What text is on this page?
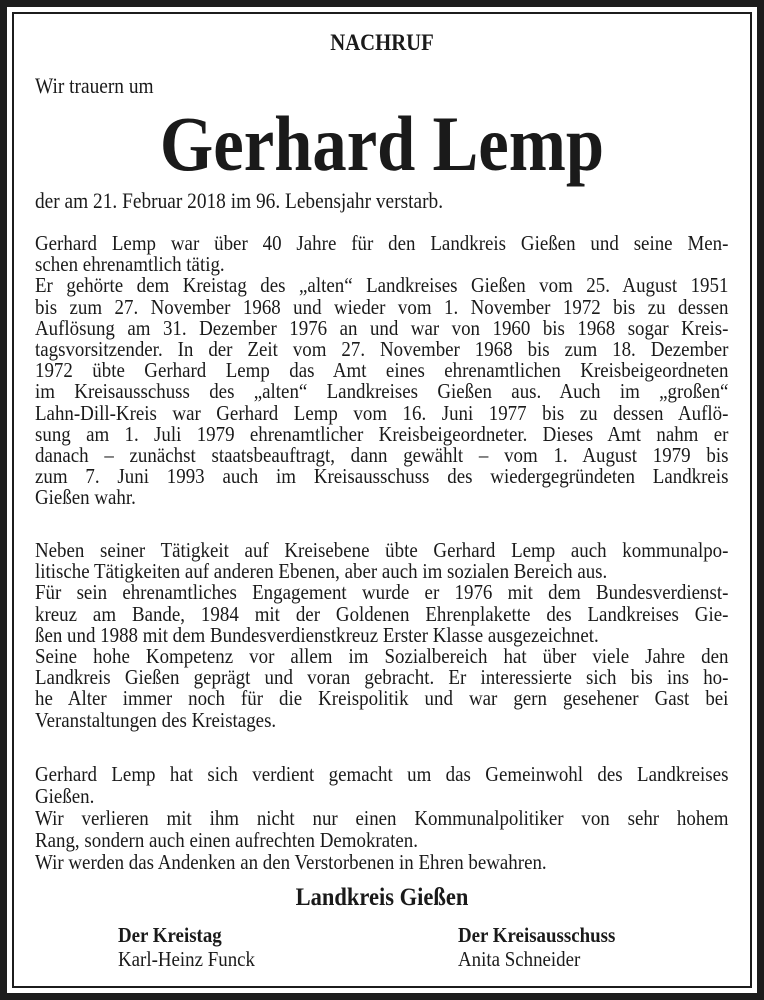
NACHRUF
Wir trauern um
Gerhard Lemp
der am 21. Februar 2018 im 96. Lebensjahr verstarb.
Gerhard Lemp war über 40 Jahre für den Landkreis Gießen und seine Men-
schen ehrenamtlich tätig.
Er gehörte dem Kreistag des „alten“ Landkreises Gießen vom 25. August 1951
bis zum 27. November 1968 und wieder vom 1. November 1972 bis zu dessen
Auflösung am 31. Dezember 1976 an und war von 1960 bis 1968 sogar Kreis-
tagsvorsitzender. In der Zeit vom 27. November 1968 bis zum 18. Dezember
1972 übte Gerhard Lemp das Amt eines ehrenamtlichen Kreisbeigeordneten
im Kreisausschuss des „alten“ Landkreises Gießen aus. Auch im „großen“
Lahn-Dill-Kreis war Gerhard Lemp vom 16. Juni 1977 bis zu dessen Auflö-
sung am 1. Juli 1979 ehrenamtlicher Kreisbeigeordneter. Dieses Amt nahm er
danach – zunächst staatsbeauftragt, dann gewählt – vom 1. August 1979 bis
zum 7. Juni 1993 auch im Kreisausschuss des wiedergegründeten Landkreis
Gießen wahr.
Neben seiner Tätigkeit auf Kreisebene übte Gerhard Lemp auch kommunalpo-
litische Tätigkeiten auf anderen Ebenen, aber auch im sozialen Bereich aus.
Für sein ehrenamtliches Engagement wurde er 1976 mit dem Bundesverdienst-
kreuz am Bande, 1984 mit der Goldenen Ehrenplakette des Landkreises Gie-
ßen und 1988 mit dem Bundesverdienstkreuz Erster Klasse ausgezeichnet.
Seine hohe Kompetenz vor allem im Sozialbereich hat über viele Jahre den
Landkreis Gießen geprägt und voran gebracht. Er interessierte sich bis ins ho-
he Alter immer noch für die Kreispolitik und war gern gesehener Gast bei
Veranstaltungen des Kreistages.
Gerhard Lemp hat sich verdient gemacht um das Gemeinwohl des Landkreises
Gießen.
Wir verlieren mit ihm nicht nur einen Kommunalpolitiker von sehr hohem
Rang, sondern auch einen aufrechten Demokraten.
Wir werden das Andenken an den Verstorbenen in Ehren bewahren.
Landkreis Gießen
Der Kreistag
Karl-Heinz Funck
Der Kreisausschuss
Anita Schneider
